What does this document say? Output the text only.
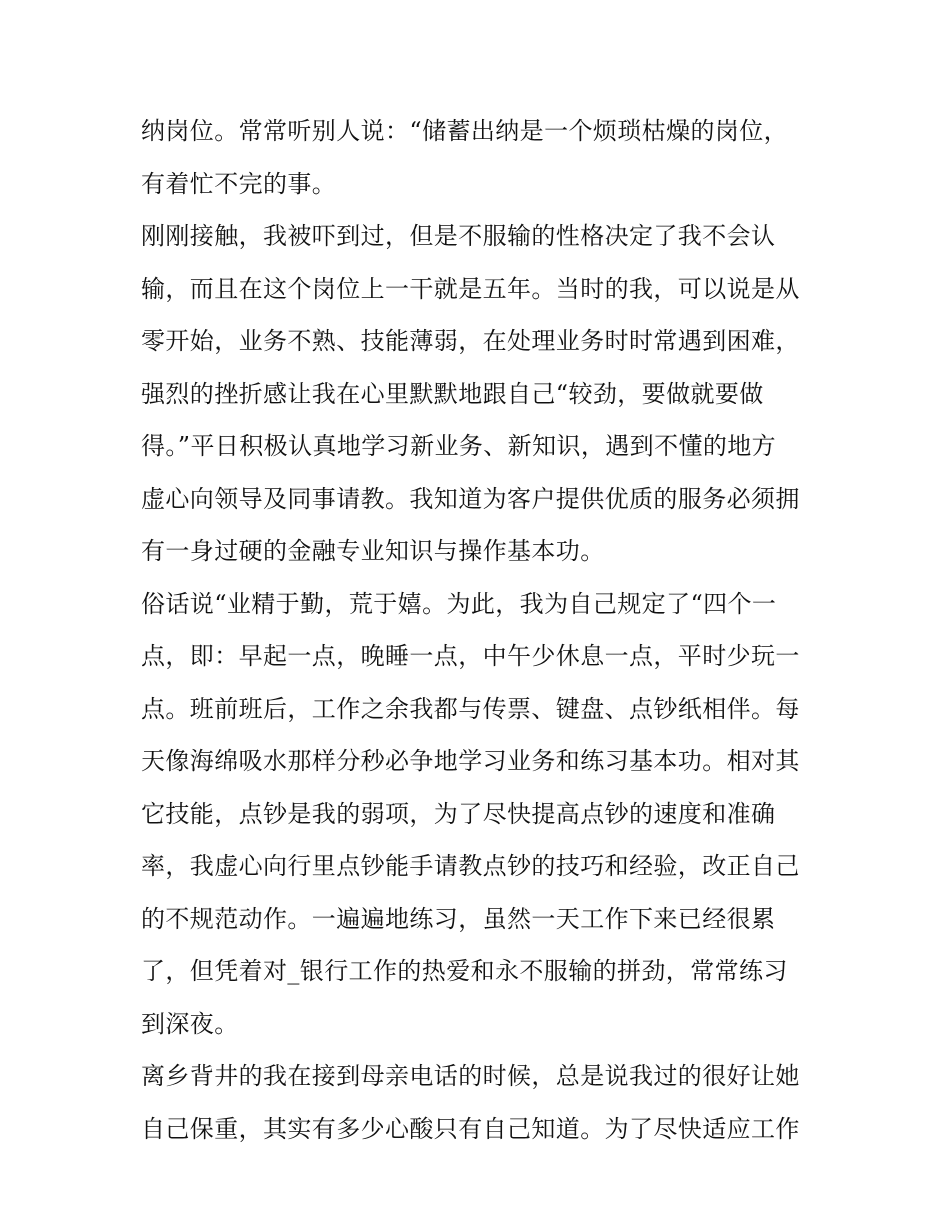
纳岗位。常常听别人说：“储蓄出纳是一个烦琐枯燥的岗位，
有着忙不完的事。
刚刚接触，我被吓到过，但是不服输的性格决定了我不会认
输，而且在这个岗位上一干就是五年。当时的我，可以说是从
零开始，业务不熟、技能薄弱，在处理业务时时常遇到困难，
强烈的挫折感让我在心里默默地跟自己“较劲，要做就要做
得。”平日积极认真地学习新业务、新知识，遇到不懂的地方
虚心向领导及同事请教。我知道为客户提供优质的服务必须拥
有一身过硬的金融专业知识与操作基本功。
俗话说“业精于勤，荒于嬉。为此，我为自己规定了“四个一
点，即：早起一点，晚睡一点，中午少休息一点，平时少玩一
点。班前班后，工作之余我都与传票、键盘、点钞纸相伴。每
天像海绵吸水那样分秒必争地学习业务和练习基本功。相对其
它技能，点钞是我的弱项，为了尽快提高点钞的速度和准确
率，我虚心向行里点钞能手请教点钞的技巧和经验，改正自己
的不规范动作。一遍遍地练习，虽然一天工作下来已经很累
了，但凭着对_银行工作的热爱和永不服输的拼劲，常常练习
到深夜。
离乡背井的我在接到母亲电话的时候，总是说我过的很好让她
自己保重，其实有多少心酸只有自己知道。为了尽快适应工作
